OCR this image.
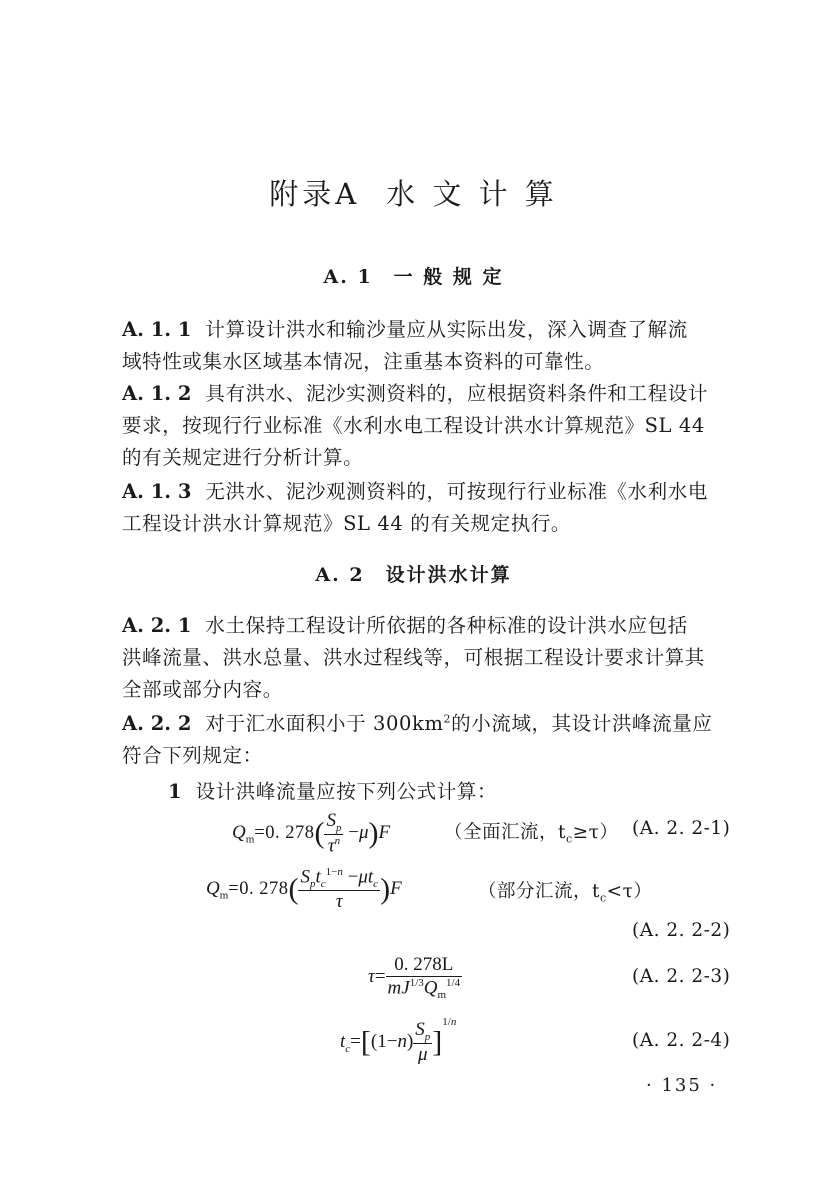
附录A 水 文 计 算
A. 1　一 般 规 定
A. 1. 1 计算设计洪水和输沙量应从实际出发，深入调查了解流
域特性或集水区域基本情况，注重基本资料的可靠性。
A. 1. 2 具有洪水、泥沙实测资料的，应根据资料条件和工程设计
要求，按现行行业标准《水利水电工程设计洪水计算规范》SL 44
的有关规定进行分析计算。
A. 1. 3 无洪水、泥沙观测资料的，可按现行行业标准《水利水电
工程设计洪水计算规范》SL 44 的有关规定执行。
A. 2　设计洪水计算
A. 2. 1 水土保持工程设计所依据的各种标准的设计洪水应包括
洪峰流量、洪水总量、洪水过程线等，可根据工程设计要求计算其
全部或部分内容。
A. 2. 2 对于汇水面积小于 $300km^2$的小流域，其设计洪峰流量应
符合下列规定：
1 设计洪峰流量应按下列公式计算：
$Q_m=0$. $278( \frac{S_p}{\tau^n} -\mu)F$	（全面汇流，$t_c\ge\tau$） (A. 2. 2-1)
$Q_m=0$. $278( \frac{S_pt_c^{1-n} -\mu t_c}{\tau} )F$	（部分汇流，$t_c<\tau$）
(A. 2. 2-2)
$\tau= \frac{0. 278L}{mJ^{1/3}Q_m^{1/4}}$	(A. 2. 2-3)
$t_c=[(1-n) \frac{S_p}{\mu} ]^{1/n}$
(A. 2. 2-4)
· 135 ·
